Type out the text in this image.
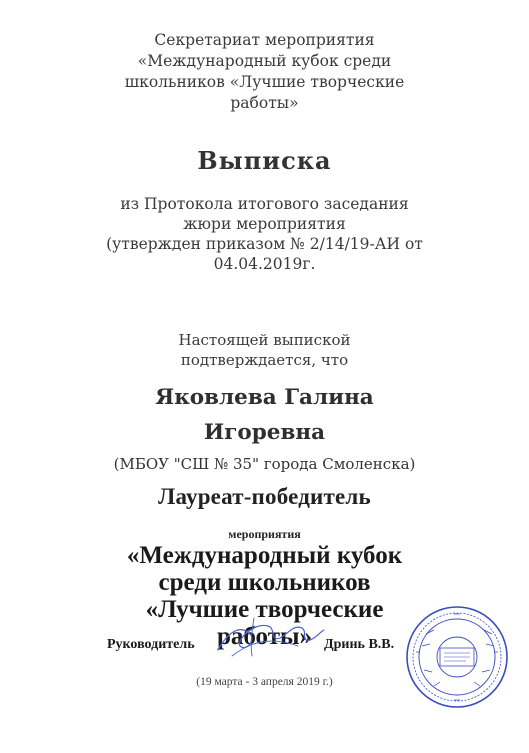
Секретариат мероприятия
«Международный кубок среди
школьников «Лучшие творческие
работы»
Выписка
из Протокола итогового заседания
жюри мероприятия
(утвержден приказом № 2/14/19-АИ от
04.04.2019г.
Настоящей выпиской
подтверждается, что
Яковлева Галина
Игоревна
(МБОУ "СШ № 35" города Смоленска)
Лауреат-победитель
мероприятия
«Международный кубок
среди школьников
«Лучшие творческие
работы»
Руководитель	Дринь В.В.
(19 марта - 3 апреля 2019 г.)
